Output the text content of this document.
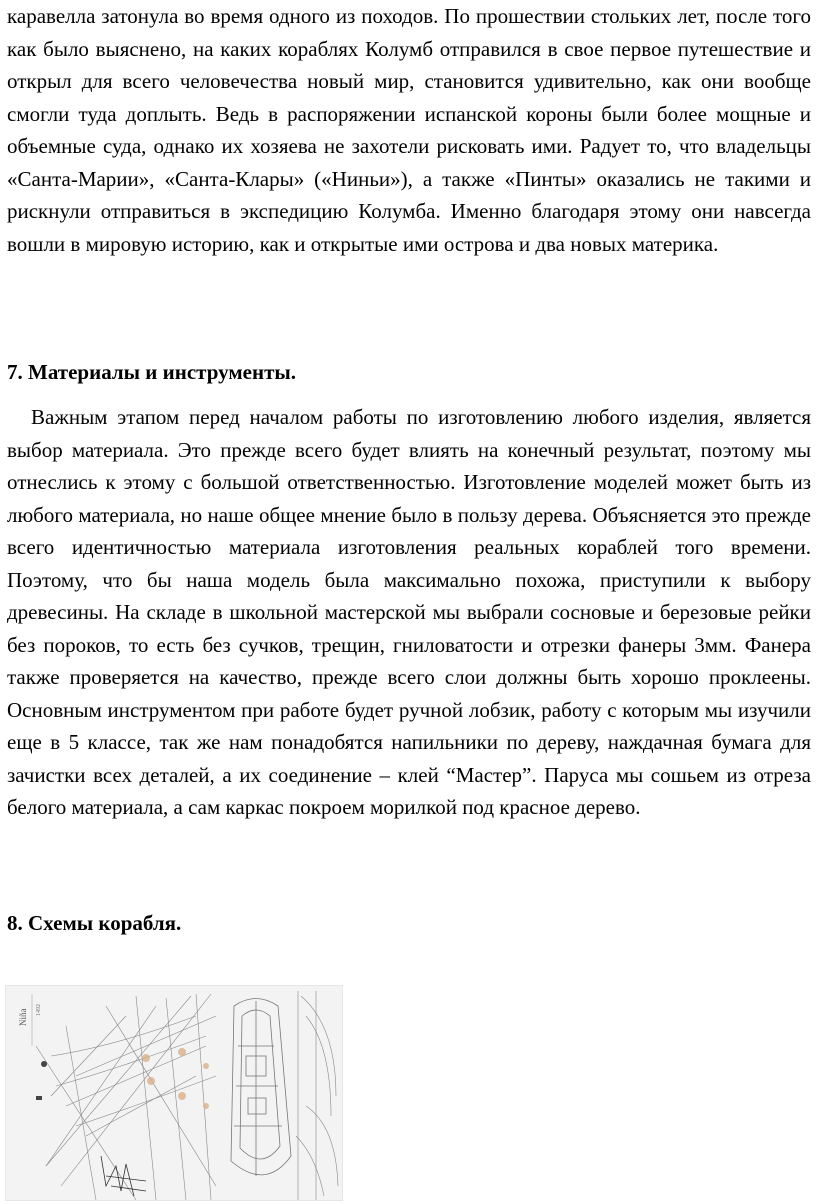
каравелла затонула во время одного из походов. По прошествии стольких лет, после того как было выяснено, на каких кораблях Колумб отправился в свое первое путешествие и открыл для всего человечества новый мир, становится удивительно, как они вообще смогли туда доплыть. Ведь в распоряжении испанской короны были более мощные и объемные суда, однако их хозяева не захотели рисковать ими. Радует то, что владельцы «Санта-Марии», «Санта-Клары» («Ниньи»), а также «Пинты» оказались не такими и рискнули отправиться в экспедицию Колумба. Именно благодаря этому они навсегда вошли в мировую историю, как и открытые ими острова и два новых материка.

7. Материалы и инструменты.

Важным этапом перед началом работы по изготовлению любого изделия, является выбор материала. Это прежде всего будет влиять на конечный результат, поэтому мы отнеслись к этому с большой ответственностью. Изготовление моделей может быть из любого материала, но наше общее мнение было в пользу дерева. Объясняется это прежде всего идентичностью материала изготовления реальных кораблей того времени. Поэтому, что бы наша модель была максимально похожа, приступили к выбору древесины. На складе в школьной мастерской мы выбрали сосновые и березовые рейки без пороков, то есть без сучков, трещин, гниловатости и отрезки фанеры 3мм. Фанера также проверяется на качество, прежде всего слои должны быть хорошо проклеены. Основным инструментом при работе будет ручной лобзик, работу с которым мы изучили еще в 5 классе, так же нам понадобятся напильники по дереву, наждачная бумага для зачистки всех деталей, а их соединение – клей “Мастер”. Паруса мы сошьем из отреза белого материала, а сам каркас покроем морилкой под красное дерево.

8. Схемы корабля.
Niña 1492
